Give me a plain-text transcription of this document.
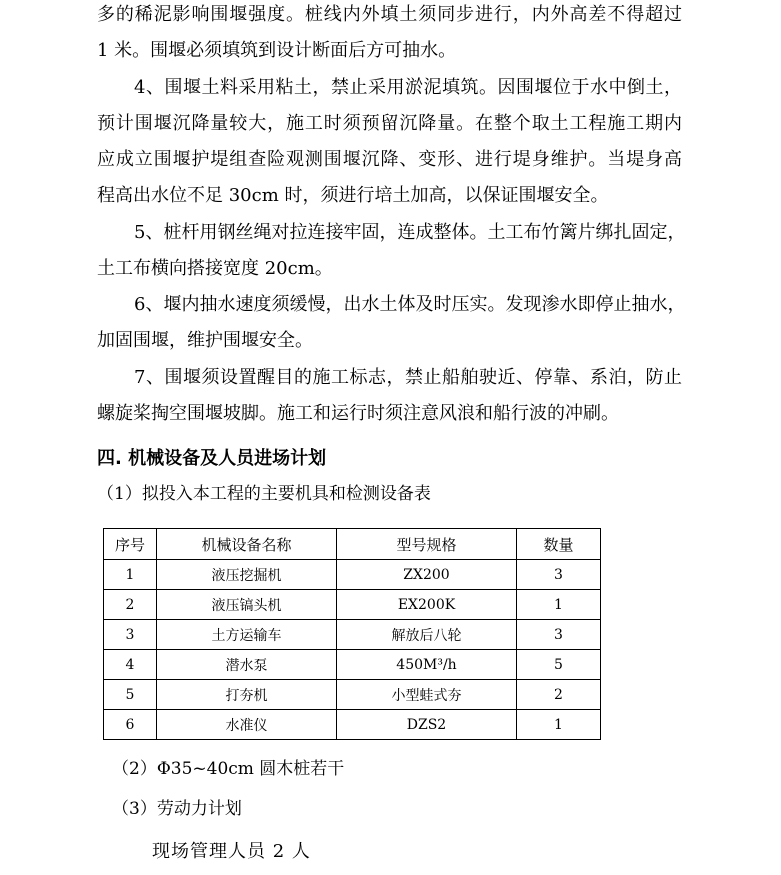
多的稀泥影响围堰强度。桩线内外填土须同步进行，内外高差不得超过
1 米。围堰必须填筑到设计断面后方可抽水。
4、围堰土料采用粘土，禁止采用淤泥填筑。因围堰位于水中倒土，
预计围堰沉降量较大，施工时须预留沉降量。在整个取土工程施工期内
应成立围堰护堤组查险观测围堰沉降、变形、进行堤身维护。当堤身高
程高出水位不足 30cm 时，须进行培土加高，以保证围堰安全。
5、桩杆用钢丝绳对拉连接牢固，连成整体。土工布竹篱片绑扎固定，
土工布横向搭接宽度 20cm。
6、堰内抽水速度须缓慢，出水土体及时压实。发现渗水即停止抽水，
加固围堰，维护围堰安全。
7、围堰须设置醒目的施工标志，禁止船舶驶近、停靠、系泊，防止
螺旋桨掏空围堰坡脚。施工和运行时须注意风浪和船行波的冲刷。
四. 机械设备及人员进场计划
（1）拟投入本工程的主要机具和检测设备表
序号	机械设备名称	型号规格	数量
1	液压挖掘机	ZX200	3
2	液压镐头机	EX200K	1
3	土方运输车	解放后八轮	3
4	潜水泵	450M³/h	5
5	打夯机	小型蛙式夯	2
6	水准仪	DZS2	1
（2）Φ35~40cm 圆木桩若干
（3）劳动力计划
现场管理人员 2 人
